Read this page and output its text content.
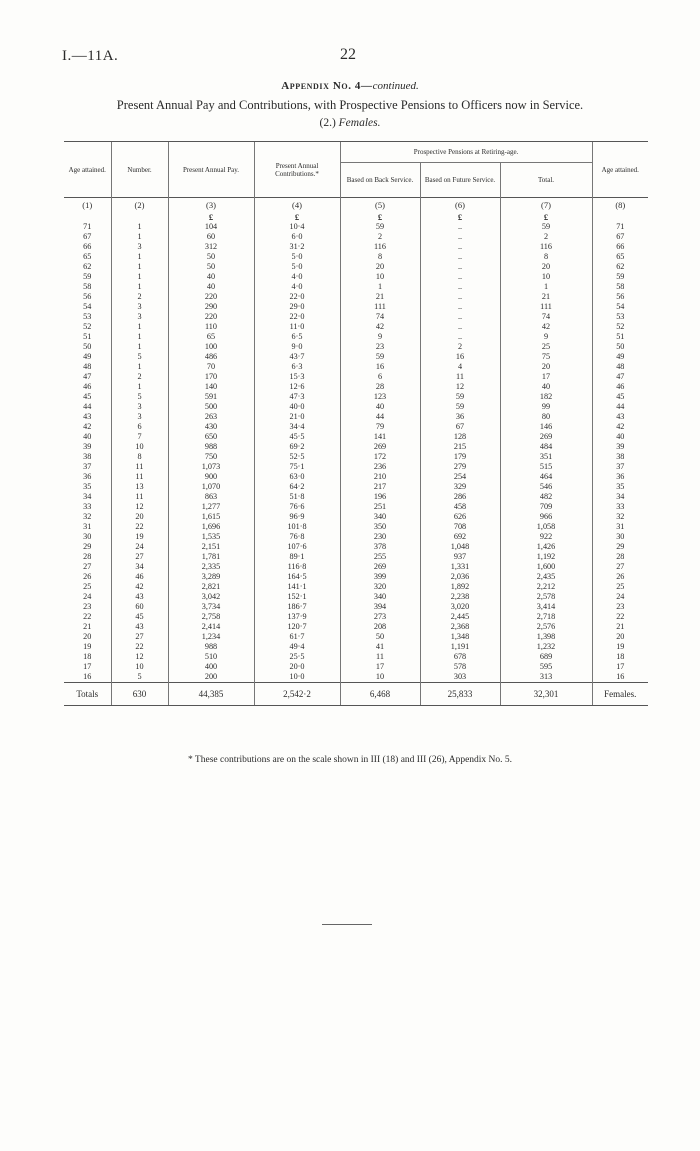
I.—11A.	22
Appendix No. 4—continued.
Present Annual Pay and Contributions, with Prospective Pensions to Officers now in Service.
(2.) Females.
Age attained.	Number.	Present Annual Pay.	Present Annual Contributions.*	Prospective Pensions at Retiring-age.			Age attained.
				Based on Back Service.	Based on Future Service.	Total.	
(1)	(2)	(3)	(4)	(5)	(6)	(7)	(8)
		£	£	£	£	£	
71	1	104	10·4	59	..	59	71
67	1	60	6·0	2	..	2	67
66	3	312	31·2	116	..	116	66
65	1	50	5·0	8	..	8	65
62	1	50	5·0	20	..	20	62
59	1	40	4·0	10	..	10	59
58	1	40	4·0	1	..	1	58
56	2	220	22·0	21	..	21	56
54	3	290	29·0	111	..	111	54
53	3	220	22·0	74	..	74	53
52	1	110	11·0	42	..	42	52
51	1	65	6·5	9	..	9	51
50	1	100	9·0	23	2	25	50
49	5	486	43·7	59	16	75	49
48	1	70	6·3	16	4	20	48
47	2	170	15·3	6	11	17	47
46	1	140	12·6	28	12	40	46
45	5	591	47·3	123	59	182	45
44	3	500	40·0	40	59	99	44
43	3	263	21·0	44	36	80	43
42	6	430	34·4	79	67	146	42
40	7	650	45·5	141	128	269	40
39	10	988	69·2	269	215	484	39
38	8	750	52·5	172	179	351	38
37	11	1,073	75·1	236	279	515	37
36	11	900	63·0	210	254	464	36
35	13	1,070	64·2	217	329	546	35
34	11	863	51·8	196	286	482	34
33	12	1,277	76·6	251	458	709	33
32	20	1,615	96·9	340	626	966	32
31	22	1,696	101·8	350	708	1,058	31
30	19	1,535	76·8	230	692	922	30
29	24	2,151	107·6	378	1,048	1,426	29
28	27	1,781	89·1	255	937	1,192	28
27	34	2,335	116·8	269	1,331	1,600	27
26	46	3,289	164·5	399	2,036	2,435	26
25	42	2,821	141·1	320	1,892	2,212	25
24	43	3,042	152·1	340	2,238	2,578	24
23	60	3,734	186·7	394	3,020	3,414	23
22	45	2,758	137·9	273	2,445	2,718	22
21	43	2,414	120·7	208	2,368	2,576	21
20	27	1,234	61·7	50	1,348	1,398	20
19	22	988	49·4	41	1,191	1,232	19
18	12	510	25·5	11	678	689	18
17	10	400	20·0	17	578	595	17
16	5	200	10·0	10	303	313	16
Totals	630	44,385	2,542·2	6,468	25,833	32,301	Females.
* These contributions are on the scale shown in III (18) and III (26), Appendix No. 5.
